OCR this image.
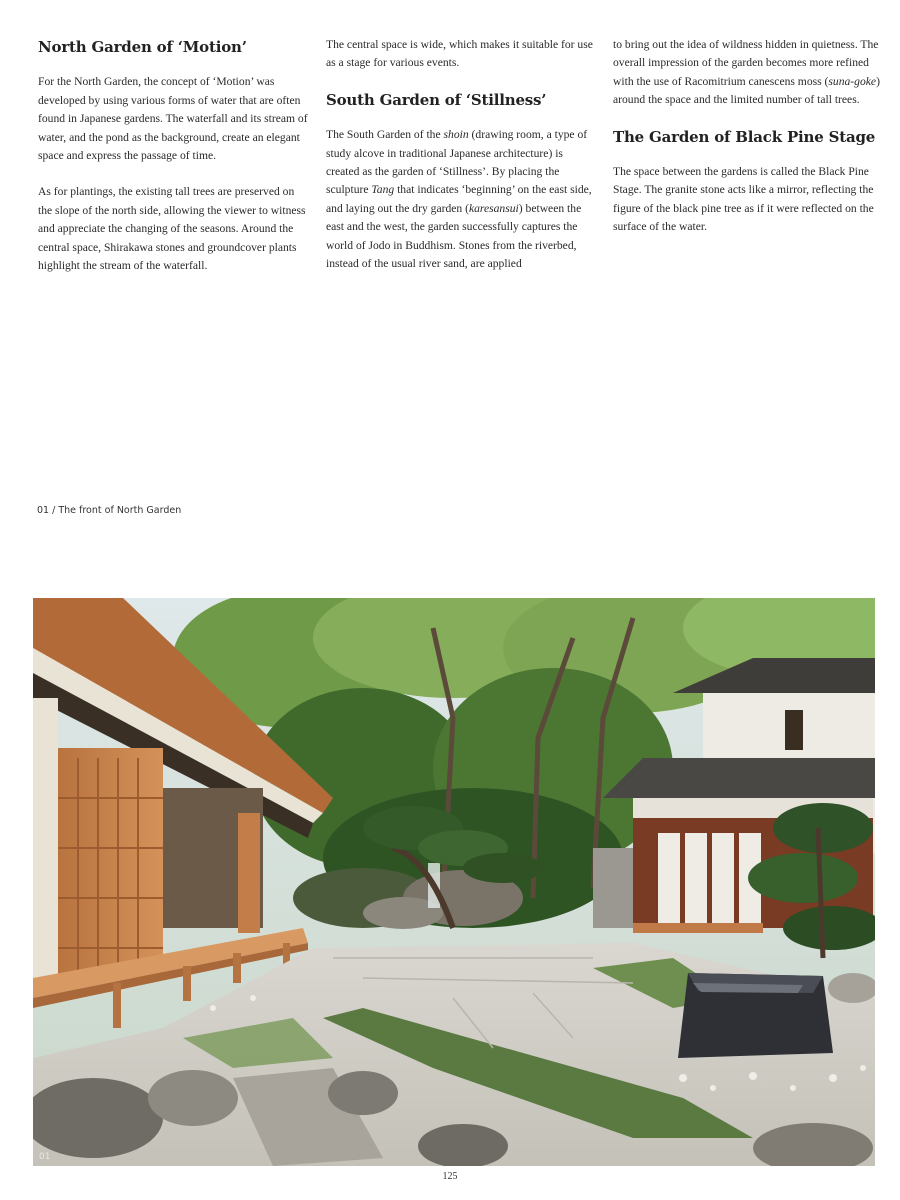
North Garden of ‘Motion’

For the North Garden, the concept of ‘Motion’ was developed by using various forms of water that are often found in Japanese gardens. The waterfall and its stream of water, and the pond as the background, create an elegant space and express the passage of time.

As for plantings, the existing tall trees are preserved on the slope of the north side, allowing the viewer to witness and appreciate the changing of the seasons. Around the central space, Shirakawa stones and groundcover plants highlight the stream of the waterfall.

The central space is wide, which makes it suitable for use as a stage for various events.

South Garden of ‘Stillness’

The South Garden of the shoin (drawing room, a type of study alcove in traditional Japanese architecture) is created as the garden of ‘Stillness’. By placing the sculpture Tang that indicates ‘beginning’ on the east side, and laying out the dry garden (karesansui) between the east and the west, the garden successfully captures the world of Jodo in Buddhism. Stones from the riverbed, instead of the usual river sand, are applied

to bring out the idea of wildness hidden in quietness. The overall impression of the garden becomes more refined with the use of Racomitrium canescens moss (suna-goke) around the space and the limited number of tall trees.

The Garden of Black Pine Stage

The space between the gardens is called the Black Pine Stage. The granite stone acts like a mirror, reflecting the figure of the black pine tree as if it were reflected on the surface of the water.

01 / The front of North Garden
01
125
